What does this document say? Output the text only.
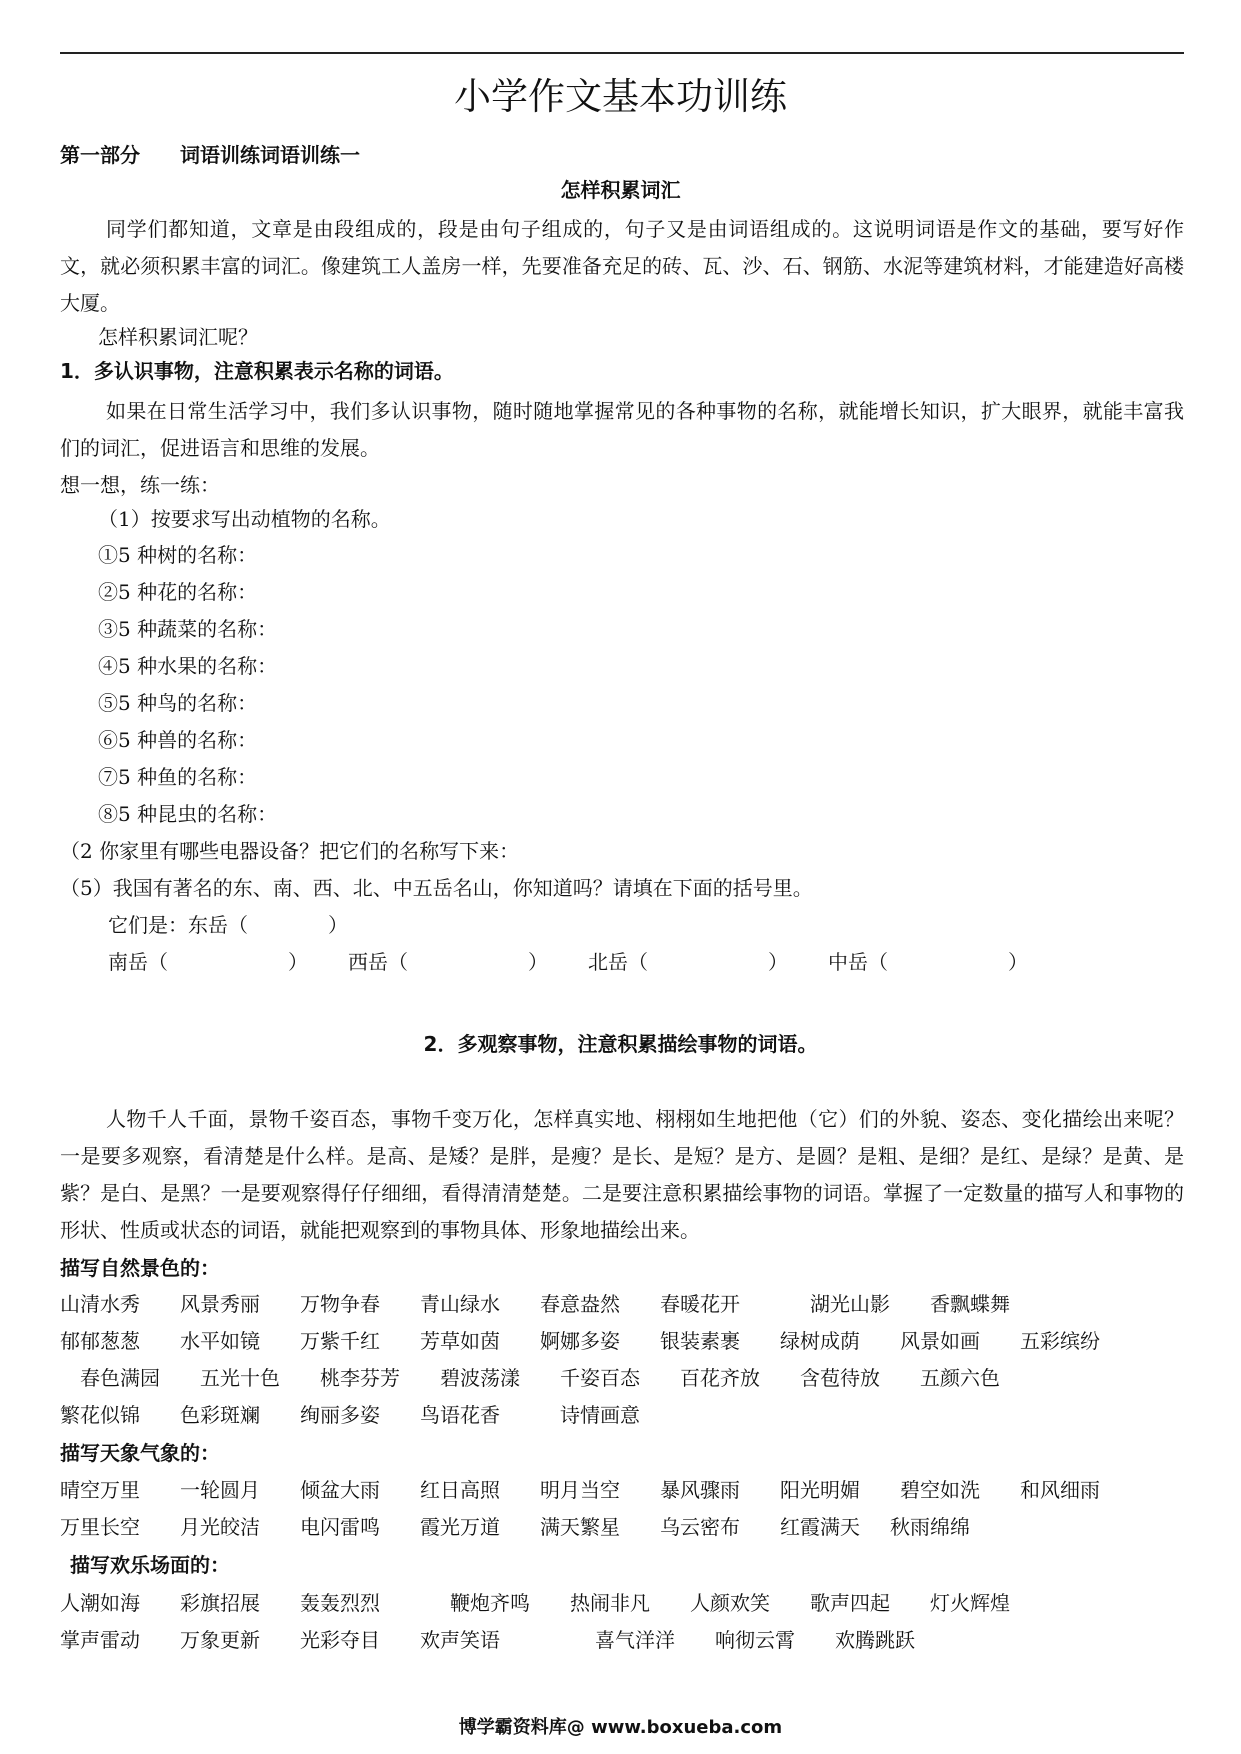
小学作文基本功训练
第一部分　　词语训练词语训练一
怎样积累词汇
同学们都知道，文章是由段组成的，段是由句子组成的，句子又是由词语组成的。这说明词语是作文的基础，要写好作文，就必须积累丰富的词汇。像建筑工人盖房一样，先要准备充足的砖、瓦、沙、石、钢筋、水泥等建筑材料，才能建造好高楼大厦。
怎样积累词汇呢？
1．多认识事物，注意积累表示名称的词语。
如果在日常生活学习中，我们多认识事物，随时随地掌握常见的各种事物的名称，就能增长知识，扩大眼界，就能丰富我们的词汇，促进语言和思维的发展。
想一想，练一练：
（1）按要求写出动植物的名称。
①5 种树的名称：
②5 种花的名称：
③5 种蔬菜的名称：
④5 种水果的名称：
⑤5 种鸟的名称：
⑥5 种兽的名称：
⑦5 种鱼的名称：
⑧5 种昆虫的名称：
（2 你家里有哪些电器设备？把它们的名称写下来：
（5）我国有著名的东、南、西、北、中五岳名山，你知道吗？请填在下面的括号里。
它们是：东岳（　　　　）
南岳（　　　　　　） 西岳（　　　　　　） 北岳（　　　　　　） 中岳（　　　　　　）
2．多观察事物，注意积累描绘事物的词语。
人物千人千面，景物千姿百态，事物千变万化，怎样真实地、栩栩如生地把他（它）们的外貌、姿态、变化描绘出来呢？一是要多观察，看清楚是什么样。是高、是矮？是胖，是瘦？是长、是短？是方、是圆？是粗、是细？是红、是绿？是黄、是紫？是白、是黑？一是要观察得仔仔细细，看得清清楚楚。二是要注意积累描绘事物的词语。掌握了一定数量的描写人和事物的形状、性质或状态的词语，就能把观察到的事物具体、形象地描绘出来。
描写自然景色的：
山清水秀 风景秀丽 万物争春 青山绿水 春意盎然 春暖花开	湖光山影 香飘蝶舞
郁郁葱葱 水平如镜 万紫千红 芳草如茵 婀娜多姿 银装素裹 绿树成荫 风景如画 五彩缤纷
春色满园 五光十色 桃李芬芳 碧波荡漾 千姿百态 百花齐放 含苞待放 五颜六色
繁花似锦 色彩斑斓 绚丽多姿 鸟语花香	诗情画意
描写天象气象的：
晴空万里 一轮圆月 倾盆大雨 红日高照 明月当空 暴风骤雨 阳光明媚 碧空如洗 和风细雨
万里长空 月光皎洁 电闪雷鸣 霞光万道 满天繁星 乌云密布 红霞满天 秋雨绵绵
描写欢乐场面的：
人潮如海 彩旗招展 轰轰烈烈	鞭炮齐鸣 热闹非凡 人颜欢笑 歌声四起 灯火辉煌
掌声雷动 万象更新 光彩夺目 欢声笑语	喜气洋洋 响彻云霄 欢腾跳跃
博学霸资料库@ www.boxueba.com
